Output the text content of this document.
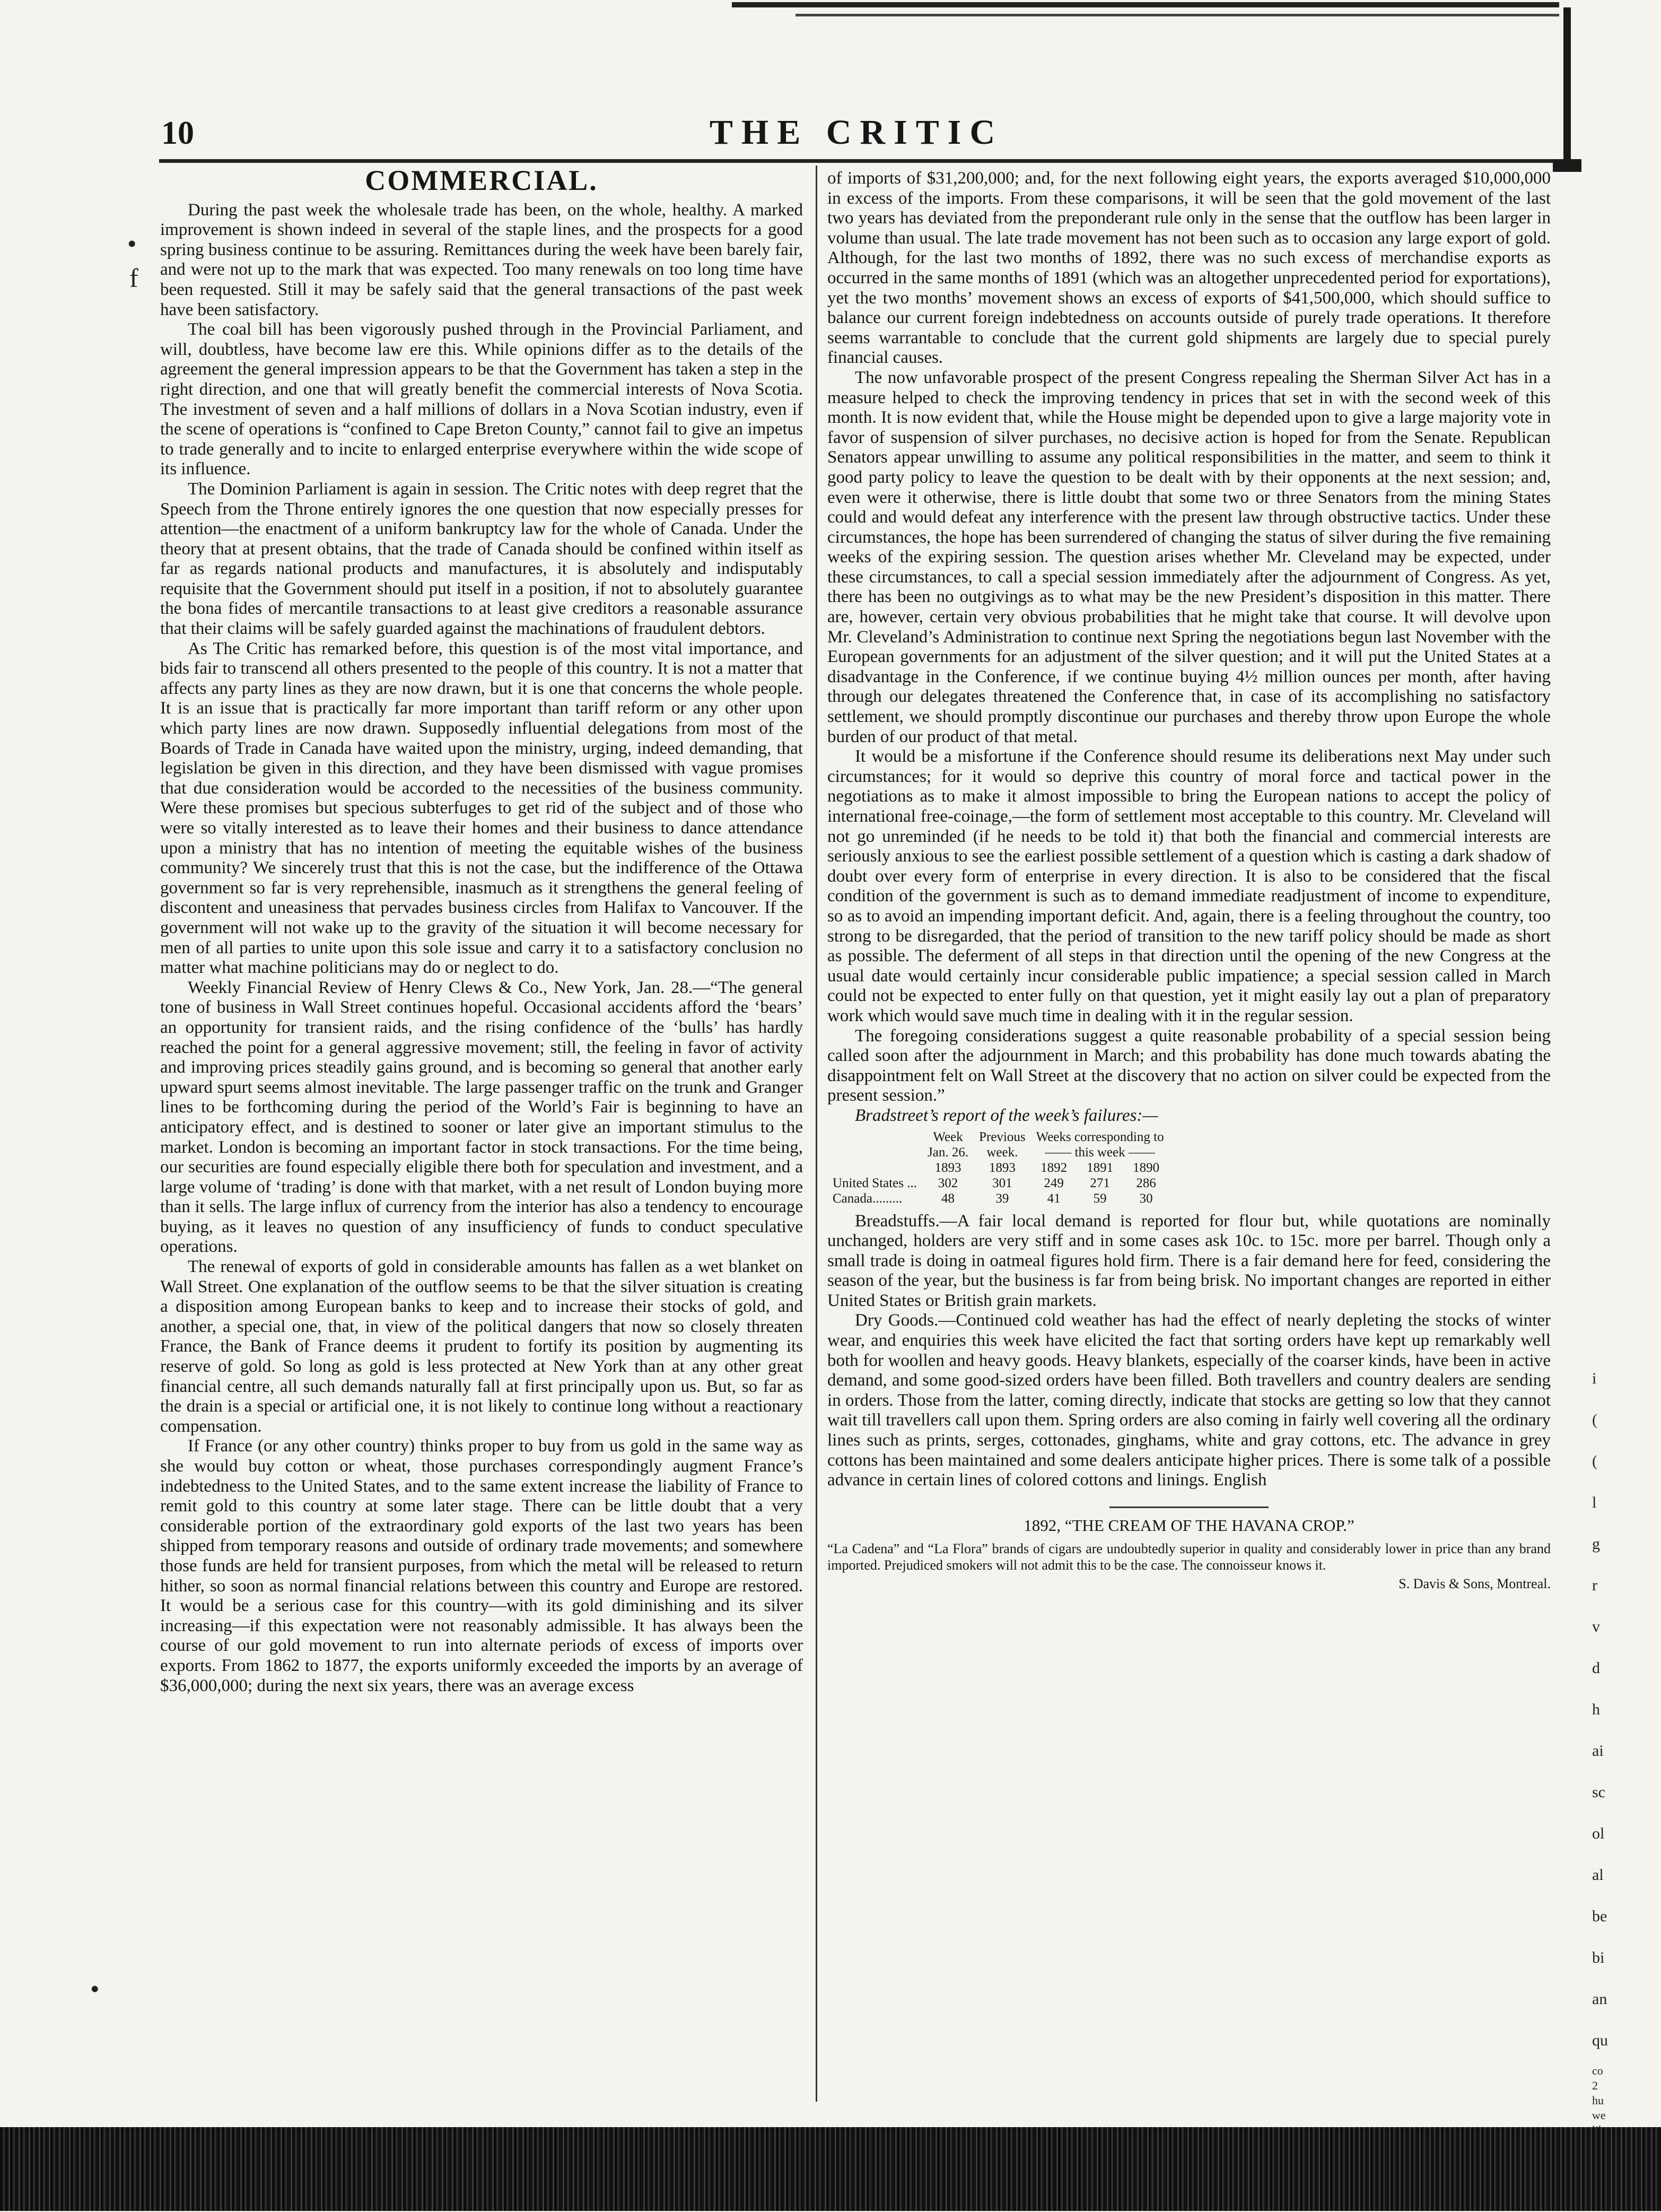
•
f
•
10	THE CRITIC
COMMERCIAL.

During the past week the wholesale trade has been, on the whole, healthy. A marked improvement is shown indeed in several of the staple lines, and the prospects for a good spring business continue to be assuring. Remittances during the week have been barely fair, and were not up to the mark that was expected. Too many renewals on too long time have been requested. Still it may be safely said that the general transactions of the past week have been satisfactory.

The coal bill has been vigorously pushed through in the Provincial Parliament, and will, doubtless, have become law ere this. While opinions differ as to the details of the agreement the general impression appears to be that the Government has taken a step in the right direction, and one that will greatly benefit the commercial interests of Nova Scotia. The investment of seven and a half millions of dollars in a Nova Scotian industry, even if the scene of operations is “confined to Cape Breton County,” cannot fail to give an impetus to trade generally and to incite to enlarged enterprise everywhere within the wide scope of its influence.

The Dominion Parliament is again in session. The Critic notes with deep regret that the Speech from the Throne entirely ignores the one question that now especially presses for attention—the enactment of a uniform bankruptcy law for the whole of Canada. Under the theory that at present obtains, that the trade of Canada should be confined within itself as far as regards national products and manufactures, it is absolutely and indisputably requisite that the Government should put itself in a position, if not to absolutely guarantee the bona fides of mercantile transactions to at least give creditors a reasonable assurance that their claims will be safely guarded against the machinations of fraudulent debtors.

As The Critic has remarked before, this question is of the most vital importance, and bids fair to transcend all others presented to the people of this country. It is not a matter that affects any party lines as they are now drawn, but it is one that concerns the whole people. It is an issue that is practically far more important than tariff reform or any other upon which party lines are now drawn. Supposedly influential delegations from most of the Boards of Trade in Canada have waited upon the ministry, urging, indeed demanding, that legislation be given in this direction, and they have been dismissed with vague promises that due consideration would be accorded to the necessities of the business community. Were these promises but specious subterfuges to get rid of the subject and of those who were so vitally interested as to leave their homes and their business to dance attendance upon a ministry that has no intention of meeting the equitable wishes of the business community? We sincerely trust that this is not the case, but the indifference of the Ottawa government so far is very reprehensible, inasmuch as it strengthens the general feeling of discontent and uneasiness that pervades business circles from Halifax to Vancouver. If the government will not wake up to the gravity of the situation it will become necessary for men of all parties to unite upon this sole issue and carry it to a satisfactory conclusion no matter what machine politicians may do or neglect to do.

Weekly Financial Review of Henry Clews & Co., New York, Jan. 28.—“The general tone of business in Wall Street continues hopeful. Occasional accidents afford the ‘bears’ an opportunity for transient raids, and the rising confidence of the ‘bulls’ has hardly reached the point for a general aggressive movement; still, the feeling in favor of activity and improving prices steadily gains ground, and is becoming so general that another early upward spurt seems almost inevitable. The large passenger traffic on the trunk and Granger lines to be forthcoming during the period of the World’s Fair is beginning to have an anticipatory effect, and is destined to sooner or later give an important stimulus to the market. London is becoming an important factor in stock transactions. For the time being, our securities are found especially eligible there both for speculation and investment, and a large volume of ‘trading’ is done with that market, with a net result of London buying more than it sells. The large influx of currency from the interior has also a tendency to encourage buying, as it leaves no question of any insufficiency of funds to conduct speculative operations.

The renewal of exports of gold in considerable amounts has fallen as a wet blanket on Wall Street. One explanation of the outflow seems to be that the silver situation is creating a disposition among European banks to keep and to increase their stocks of gold, and another, a special one, that, in view of the political dangers that now so closely threaten France, the Bank of France deems it prudent to fortify its position by augmenting its reserve of gold. So long as gold is less protected at New York than at any other great financial centre, all such demands naturally fall at first principally upon us. But, so far as the drain is a special or artificial one, it is not likely to continue long without a reactionary compensation.

If France (or any other country) thinks proper to buy from us gold in the same way as she would buy cotton or wheat, those purchases correspondingly augment France’s indebtedness to the United States, and to the same extent increase the liability of France to remit gold to this country at some later stage. There can be little doubt that a very considerable portion of the extraordinary gold exports of the last two years has been shipped from temporary reasons and outside of ordinary trade movements; and somewhere those funds are held for transient purposes, from which the metal will be released to return hither, so soon as normal financial relations between this country and Europe are restored. It would be a serious case for this country—with its gold diminishing and its silver increasing—if this expectation were not reasonably admissible. It has always been the course of our gold movement to run into alternate periods of excess of imports over exports. From 1862 to 1877, the exports uniformly exceeded the imports by an average of $36,000,000; during the next six years, there was an average excess

of imports of $31,200,000; and, for the next following eight years, the exports averaged $10,000,000 in excess of the imports. From these comparisons, it will be seen that the gold movement of the last two years has deviated from the preponderant rule only in the sense that the outflow has been larger in volume than usual. The late trade movement has not been such as to occasion any large export of gold. Although, for the last two months of 1892, there was no such excess of merchandise exports as occurred in the same months of 1891 (which was an altogether unprecedented period for exportations), yet the two months’ movement shows an excess of exports of $41,500,000, which should suffice to balance our current foreign indebtedness on accounts outside of purely trade operations. It therefore seems warrantable to conclude that the current gold shipments are largely due to special purely financial causes.

The now unfavorable prospect of the present Congress repealing the Sherman Silver Act has in a measure helped to check the improving tendency in prices that set in with the second week of this month. It is now evident that, while the House might be depended upon to give a large majority vote in favor of suspension of silver purchases, no decisive action is hoped for from the Senate. Republican Senators appear unwilling to assume any political responsibilities in the matter, and seem to think it good party policy to leave the question to be dealt with by their opponents at the next session; and, even were it otherwise, there is little doubt that some two or three Senators from the mining States could and would defeat any interference with the present law through obstructive tactics. Under these circumstances, the hope has been surrendered of changing the status of silver during the five remaining weeks of the expiring session. The question arises whether Mr. Cleveland may be expected, under these circumstances, to call a special session immediately after the adjournment of Congress. As yet, there has been no outgivings as to what may be the new President’s disposition in this matter. There are, however, certain very obvious probabilities that he might take that course. It will devolve upon Mr. Cleveland’s Administration to continue next Spring the negotiations begun last November with the European governments for an adjustment of the silver question; and it will put the United States at a disadvantage in the Conference, if we continue buying 4½ million ounces per month, after having through our delegates threatened the Conference that, in case of its accomplishing no satisfactory settlement, we should promptly discontinue our purchases and thereby throw upon Europe the whole burden of our product of that metal.

It would be a misfortune if the Conference should resume its deliberations next May under such circumstances; for it would so deprive this country of moral force and tactical power in the negotiations as to make it almost impossible to bring the European nations to accept the policy of international free-coinage,—the form of settlement most acceptable to this country. Mr. Cleveland will not go unreminded (if he needs to be told it) that both the financial and commercial interests are seriously anxious to see the earliest possible settlement of a question which is casting a dark shadow of doubt over every form of enterprise in every direction. It is also to be considered that the fiscal condition of the government is such as to demand immediate readjustment of income to expenditure, so as to avoid an impending important deficit. And, again, there is a feeling throughout the country, too strong to be disregarded, that the period of transition to the new tariff policy should be made as short as possible. The deferment of all steps in that direction until the opening of the new Congress at the usual date would certainly incur considerable public impatience; a special session called in March could not be expected to enter fully on that question, yet it might easily lay out a plan of preparatory work which would save much time in dealing with it in the regular session.

The foregoing considerations suggest a quite reasonable probability of a special session being called soon after the adjournment in March; and this probability has done much towards abating the disappointment felt on Wall Street at the discovery that no action on silver could be expected from the present session.”

Bradstreet’s report of the week’s failures:—

	Week	Previous	Weeks corresponding to		
	Jan. 26.	week.	—— this week ——		
	1893	1893	1892	1891	1890
United States ...	302	301	249	271	286
Canada.........	48	39	41	59	30

Breadstuffs.—A fair local demand is reported for flour but, while quotations are nominally unchanged, holders are very stiff and in some cases ask 10c. to 15c. more per barrel. Though only a small trade is doing in oatmeal figures hold firm. There is a fair demand here for feed, considering the season of the year, but the business is far from being brisk. No important changes are reported in either United States or British grain markets.

Dry Goods.—Continued cold weather has had the effect of nearly depleting the stocks of winter wear, and enquiries this week have elicited the fact that sorting orders have kept up remarkably well both for woollen and heavy goods. Heavy blankets, especially of the coarser kinds, have been in active demand, and some good-sized orders have been filled. Both travellers and country dealers are sending in orders. Those from the latter, coming directly, indicate that stocks are getting so low that they cannot wait till travellers call upon them. Spring orders are also coming in fairly well covering all the ordinary lines such as prints, serges, cottonades, ginghams, white and gray cottons, etc. The advance in grey cottons has been maintained and some dealers anticipate higher prices. There is some talk of a possible advance in certain lines of colored cottons and linings. English

1892, “THE CREAM OF THE HAVANA CROP.”
“La Cadena” and “La Flora” brands of cigars are undoubtedly superior in quality and considerably lower in price than any brand imported. Prejudiced smokers will not admit this to be the case. The connoisseur knows it.
S. Davis & Sons, Montreal.
i
(
(
l
g
r
v
d
h
ai
sc
ol
al
be
bi
an
qu
co
2
hu
we
